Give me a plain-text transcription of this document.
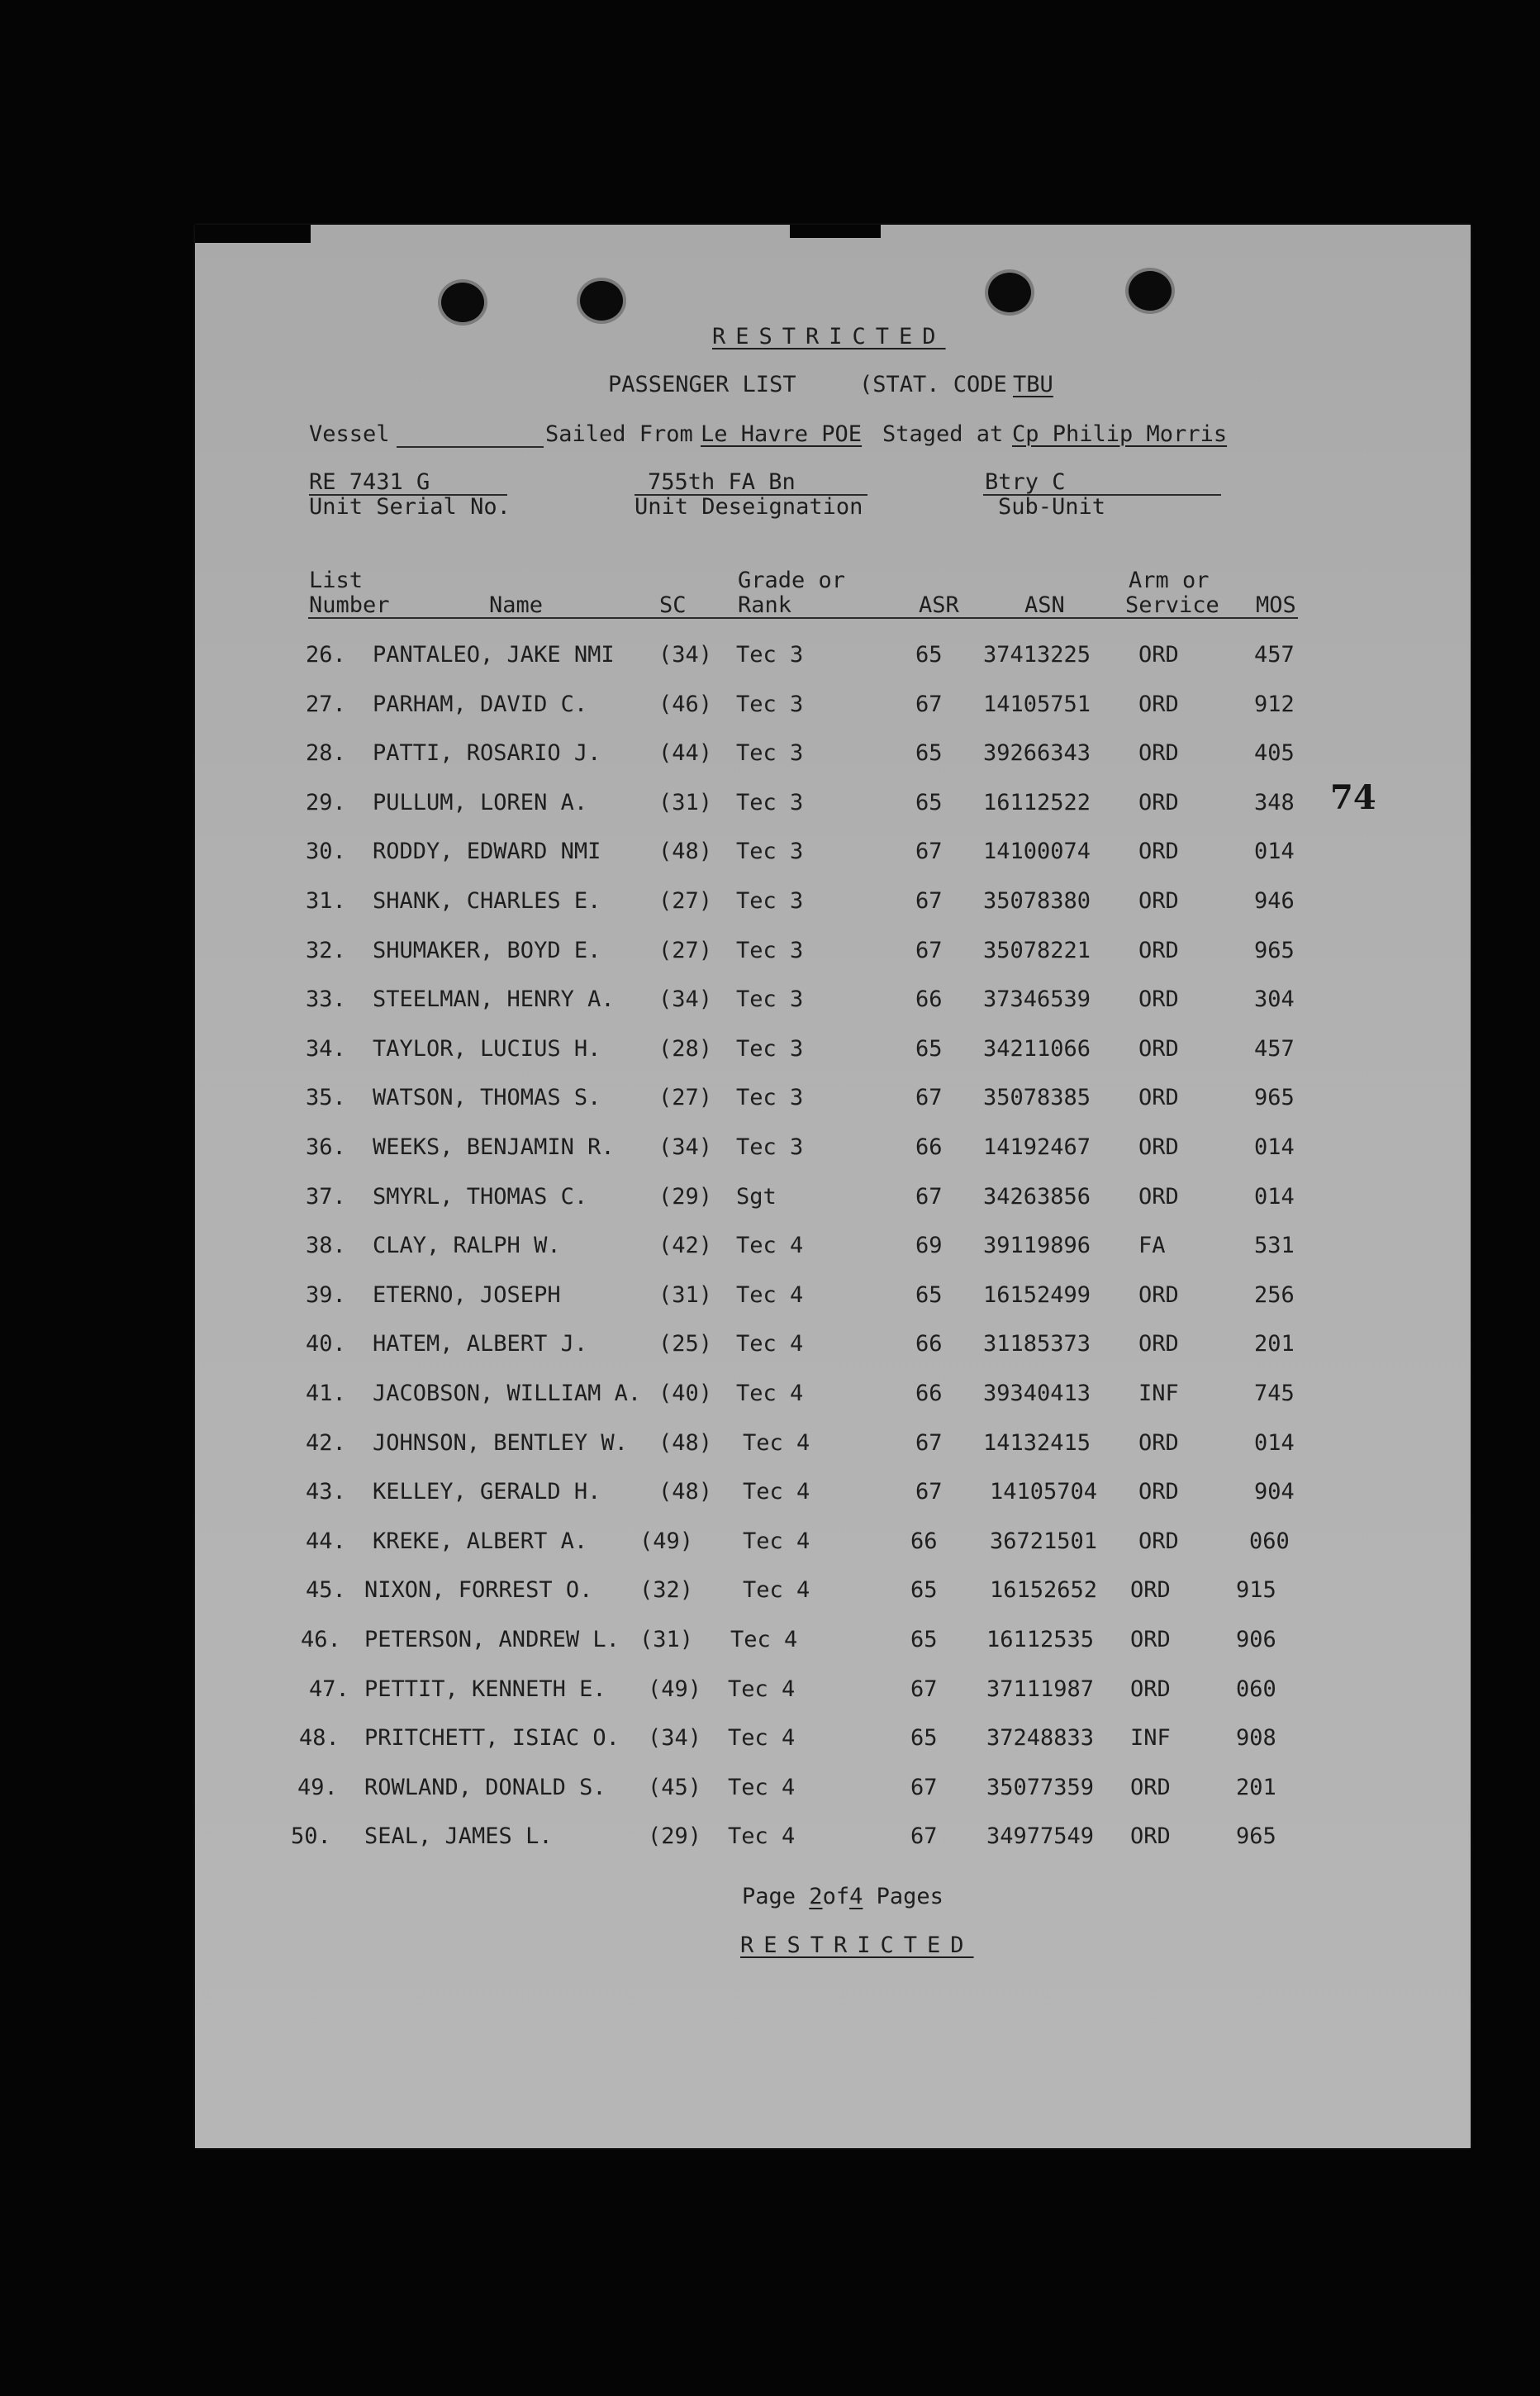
RESTRICTED
PASSENGER LIST	(STAT. CODE TBU
Vessel	Sailed From Le Havre POE Staged at Cp Philip Morris
RE 7431 G
Unit Serial No.
755th FA Bn
Unit Deseignation
Btry C
Sub-Unit
List
Number	Name	SC
Grade or
Rank	ASR	ASN
Arm or
Service MOS
26. PANTALEO, JAKE NMI (34) Tec 3	65 37413225 ORD	457
27. PARHAM, DAVID C.	(46) Tec 3	67 14105751 ORD	912
28. PATTI, ROSARIO J.	(44) Tec 3	65 39266343 ORD	405
29. PULLUM, LOREN A.	(31) Tec 3	65 16112522 ORD	348
30. RODDY, EDWARD NMI	(48) Tec 3	67 14100074 ORD	014
31. SHANK, CHARLES E.	(27) Tec 3	67 35078380 ORD	946
32. SHUMAKER, BOYD E.	(27) Tec 3	67 35078221 ORD	965
33. STEELMAN, HENRY A. (34) Tec 3	66 37346539 ORD	304
34. TAYLOR, LUCIUS H.	(28) Tec 3	65 34211066 ORD	457
35. WATSON, THOMAS S.	(27) Tec 3	67 35078385 ORD	965
36. WEEKS, BENJAMIN R. (34) Tec 3	66 14192467 ORD	014
37. SMYRL, THOMAS C.	(29) Sgt	67 34263856 ORD	014
38. CLAY, RALPH W.	(42) Tec 4	69 39119896 FA	531
39. ETERNO, JOSEPH	(31) Tec 4	65 16152499 ORD	256
40. HATEM, ALBERT J.	(25) Tec 4	66 31185373 ORD	201
41. JACOBSON, WILLIAM A. (40) Tec 4	66 39340413 INF	745
42. JOHNSON, BENTLEY W. (48) Tec 4	67 14132415 ORD	014
43. KELLEY, GERALD H.	(48) Tec 4	67 14105704 ORD	904
44. KREKE, ALBERT A. (49) Tec 4	66 36721501 ORD	060
45. NIXON, FORREST O. (32) Tec 4	65 16152652 ORD	915
46. PETERSON, ANDREW L. (31) Tec 4	65 16112535 ORD	906
47. PETTIT, KENNETH E. (49) Tec 4	67 37111987 ORD	060
48. PRITCHETT, ISIAC O. (34) Tec 4	65 37248833 INF	908
49. ROWLAND, DONALD S. (45) Tec 4	67 35077359 ORD	201
50. SEAL, JAMES L.	(29) Tec 4	67 34977549 ORD	965
74
Page 2of4 Pages
RESTRICTED
